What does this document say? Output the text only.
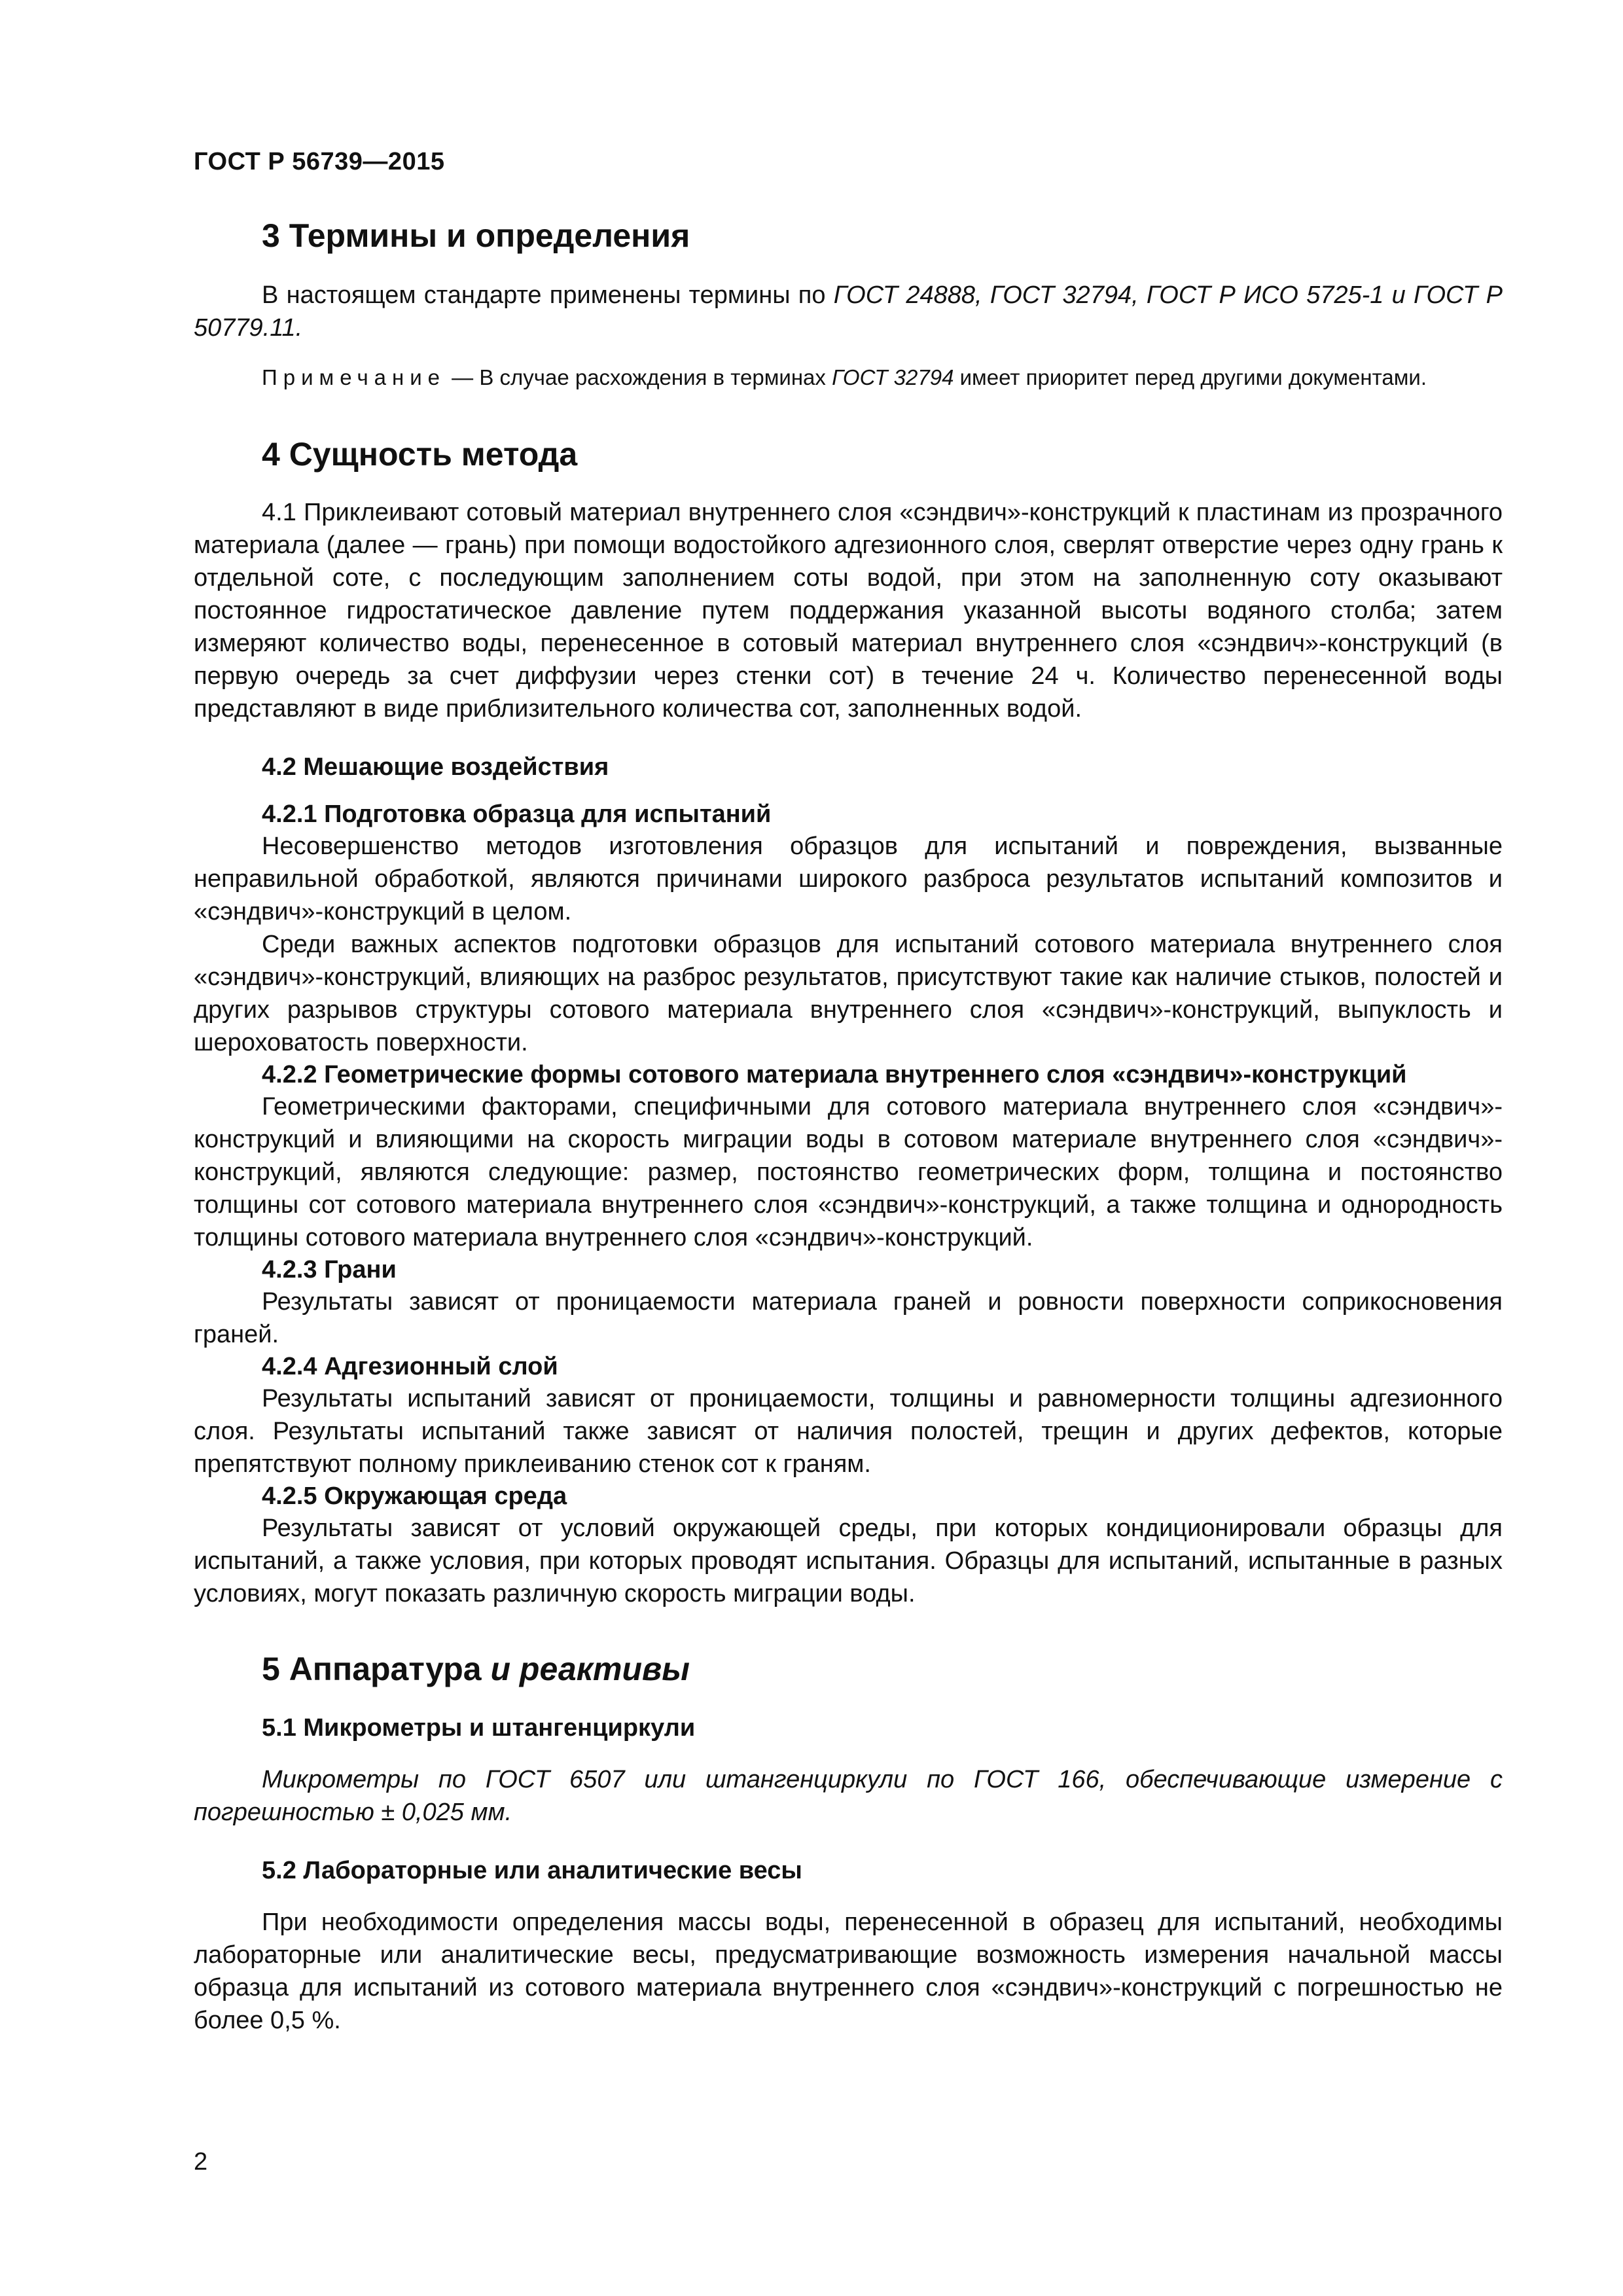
ГОСТ Р 56739—2015
3 Термины и определения

В настоящем стандарте применены термины по ГОСТ 24888, ГОСТ 32794, ГОСТ Р ИСО 5725-1 и ГОСТ Р 50779.11.

Примечание — В случае расхождения в терминах ГОСТ 32794 имеет приоритет перед другими документами.

4 Сущность метода

4.1 Приклеивают сотовый материал внутреннего слоя «сэндвич»-конструкций к пластинам из прозрачного материала (далее — грань) при помощи водостойкого адгезионного слоя, сверлят отверстие через одну грань к отдельной соте, с последующим заполнением соты водой, при этом на заполненную соту оказывают постоянное гидростатическое давление путем поддержания указанной высоты водяного столба; затем измеряют количество воды, перенесенное в сотовый материал внутреннего слоя «сэндвич»-конструкций (в первую очередь за счет диффузии через стенки сот) в течение 24 ч. Количество перенесенной воды представляют в виде приблизительного количества сот, заполненных водой.

4.2 Мешающие воздействия
4.2.1 Подготовка образца для испытаний

Несовершенство методов изготовления образцов для испытаний и повреждения, вызванные неправильной обработкой, являются причинами широкого разброса результатов испытаний композитов и «сэндвич»-конструкций в целом.

Среди важных аспектов подготовки образцов для испытаний сотового материала внутреннего слоя «сэндвич»-конструкций, влияющих на разброс результатов, присутствуют такие как наличие стыков, полостей и других разрывов структуры сотового материала внутреннего слоя «сэндвич»-конструкций, выпуклость и шероховатость поверхности.

4.2.2 Геометрические формы сотового материала внутреннего слоя «сэндвич»-конструкций

Геометрическими факторами, специфичными для сотового материала внутреннего слоя «сэндвич»-конструкций и влияющими на скорость миграции воды в сотовом материале внутреннего слоя «сэндвич»-конструкций, являются следующие: размер, постоянство геометрических форм, толщина и постоянство толщины сот сотового материала внутреннего слоя «сэндвич»-конструкций, а также толщина и однородность толщины сотового материала внутреннего слоя «сэндвич»-конструкций.

4.2.3 Грани

Результаты зависят от проницаемости материала граней и ровности поверхности соприкосновения граней.

4.2.4 Адгезионный слой

Результаты испытаний зависят от проницаемости, толщины и равномерности толщины адгезионного слоя. Результаты испытаний также зависят от наличия полостей, трещин и других дефектов, которые препятствуют полному приклеиванию стенок сот к граням.

4.2.5 Окружающая среда

Результаты зависят от условий окружающей среды, при которых кондиционировали образцы для испытаний, а также условия, при которых проводят испытания. Образцы для испытаний, испытанные в разных условиях, могут показать различную скорость миграции воды.

5 Аппаратура и реактивы
5.1 Микрометры и штангенциркули

Микрометры по ГОСТ 6507 или штангенциркули по ГОСТ 166, обеспечивающие измерение с погрешностью ± 0,025 мм.

5.2 Лабораторные или аналитические весы

При необходимости определения массы воды, перенесенной в образец для испытаний, необходимы лабораторные или аналитические весы, предусматривающие возможность измерения начальной массы образца для испытаний из сотового материала внутреннего слоя «сэндвич»-конструкций с погрешностью не более 0,5 %.

2
